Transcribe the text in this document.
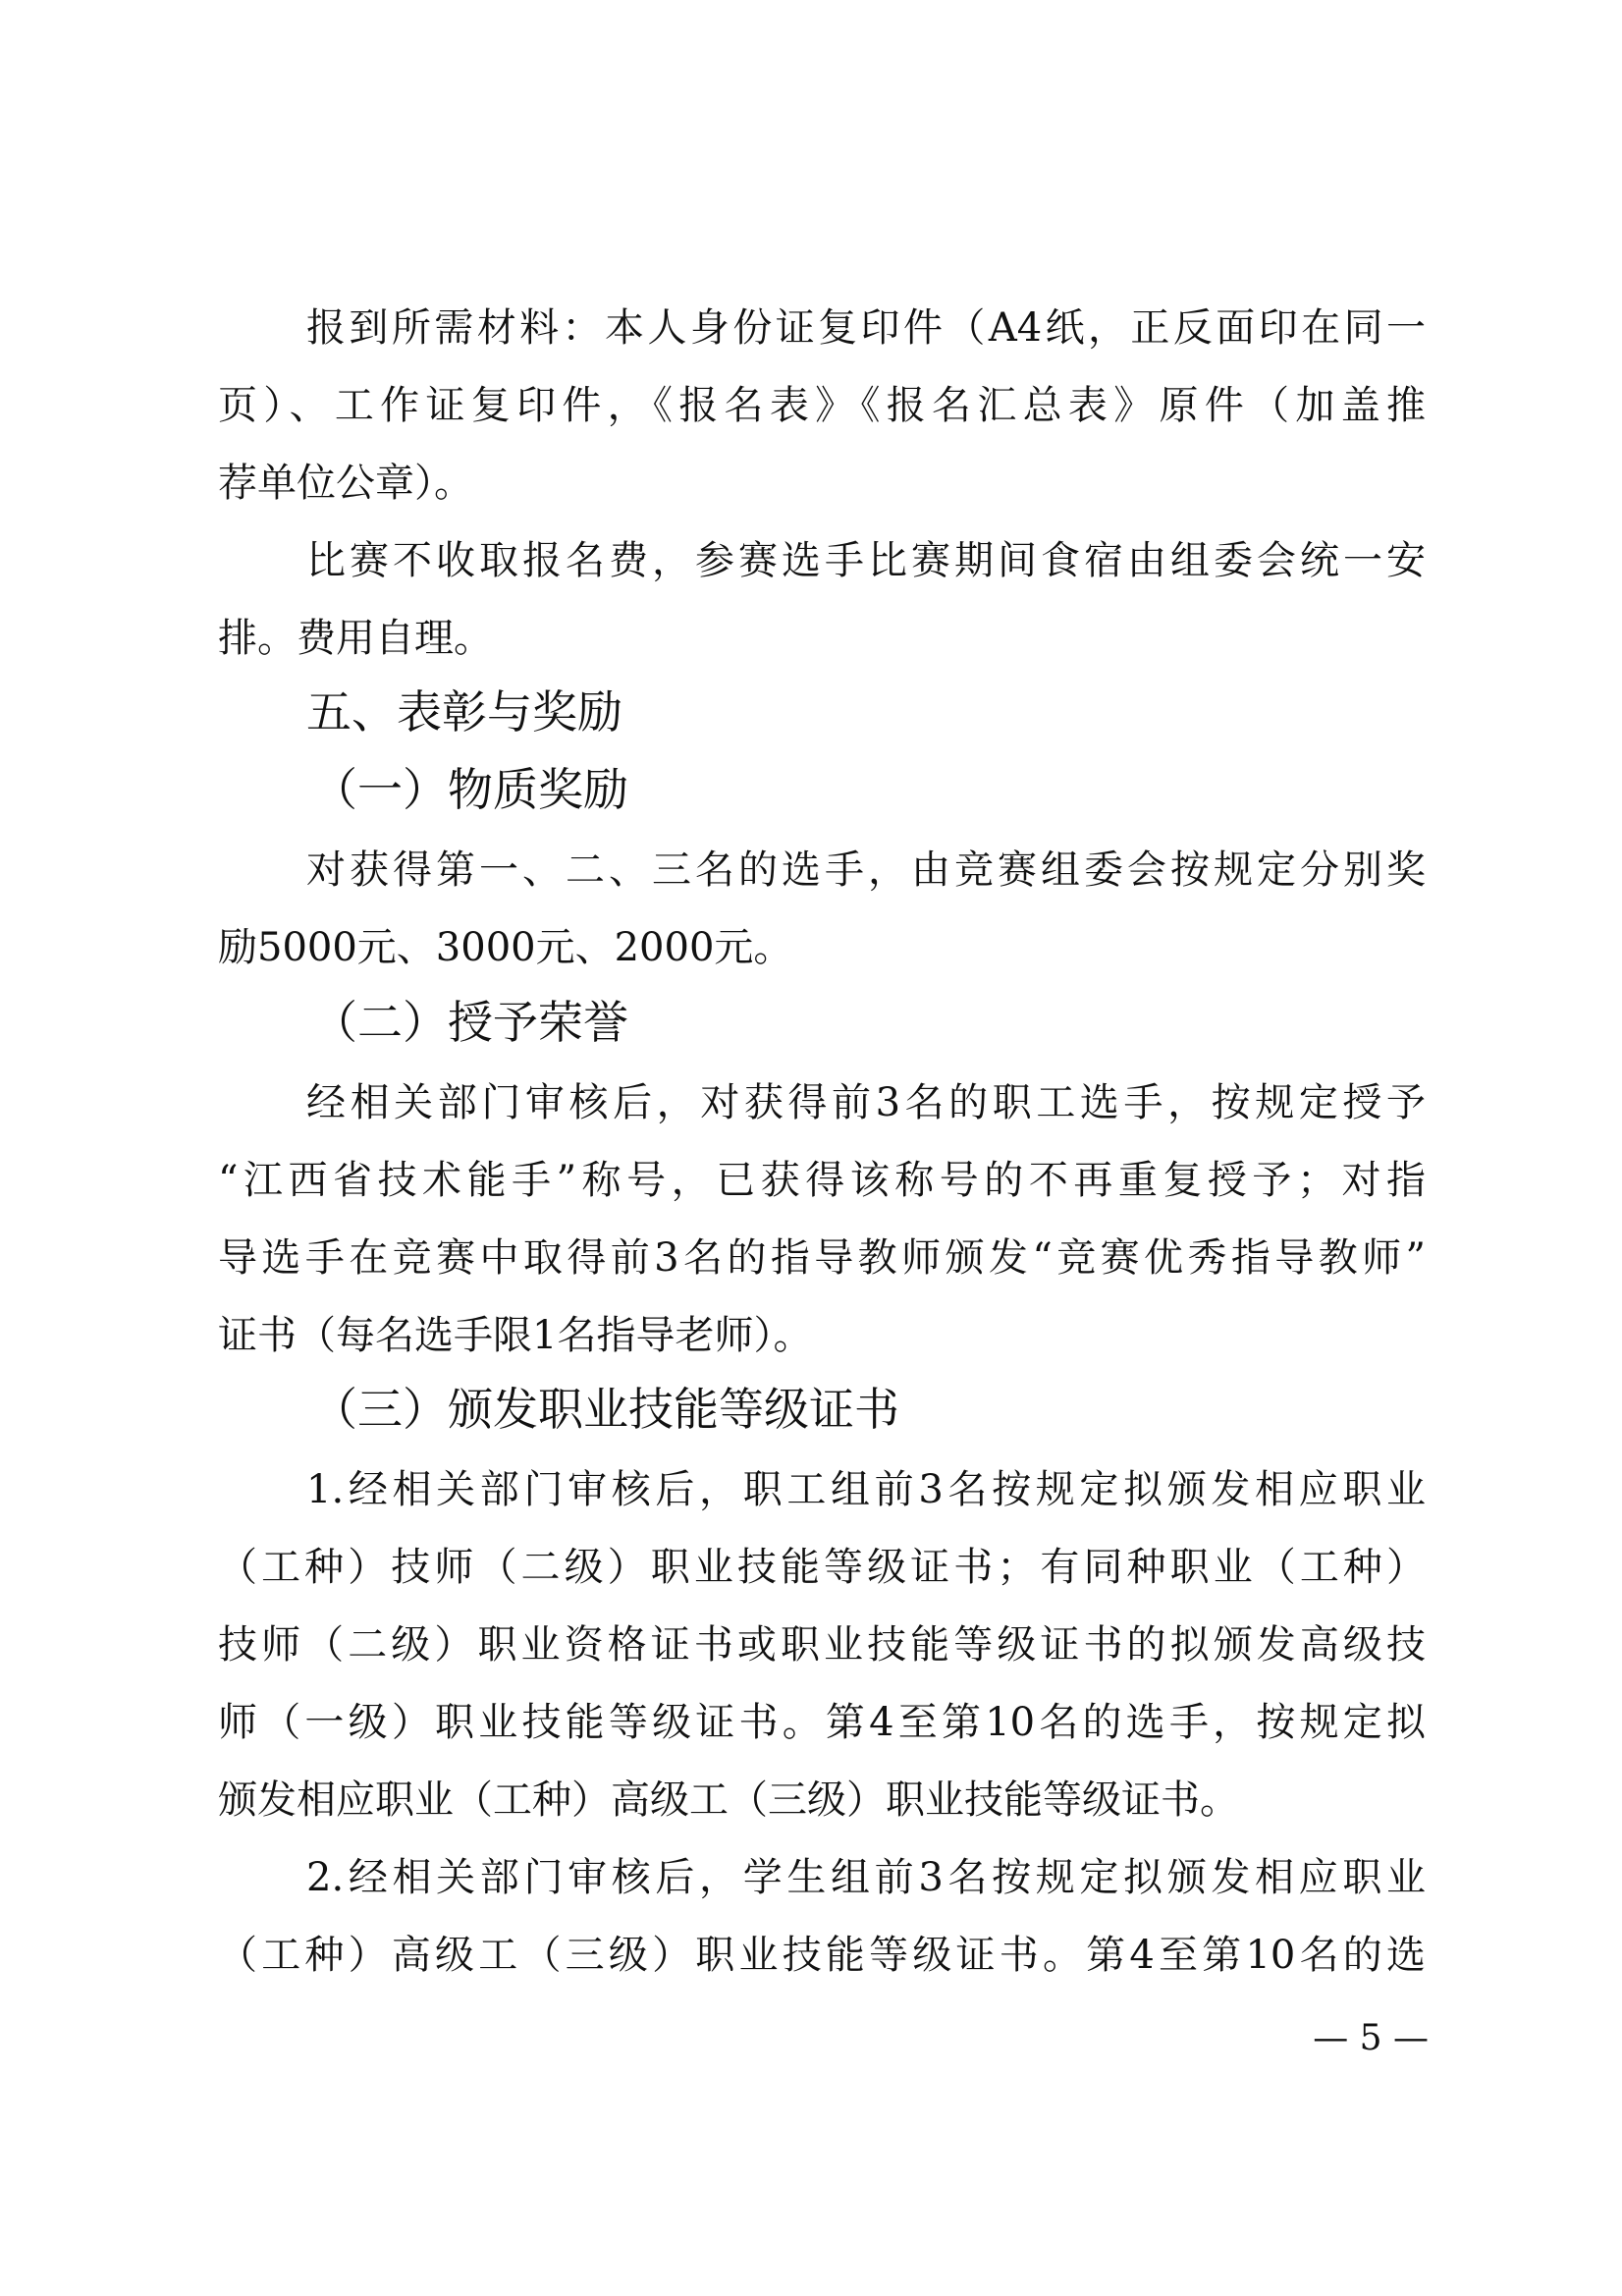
报到所需材料：本人身份证复印件（A4纸，正反面印在同一
页）、工作证复印件，《报名表》《报名汇总表》原件（加盖推
荐单位公章）。
比赛不收取报名费，参赛选手比赛期间食宿由组委会统一安
排。费用自理。
五、表彰与奖励
（一）物质奖励
对获得第一、二、三名的选手，由竞赛组委会按规定分别奖
励5000元、3000元、2000元。
（二）授予荣誉
经相关部门审核后，对获得前3名的职工选手，按规定授予
“江西省技术能手”称号，已获得该称号的不再重复授予；对指
导选手在竞赛中取得前3名的指导教师颁发“竞赛优秀指导教师”
证书（每名选手限1名指导老师）。
（三）颁发职业技能等级证书
1.经相关部门审核后，职工组前3名按规定拟颁发相应职业
（工种）技师（二级）职业技能等级证书；有同种职业（工种）
技师（二级）职业资格证书或职业技能等级证书的拟颁发高级技
师（一级）职业技能等级证书。第4至第10名的选手，按规定拟
颁发相应职业（工种）高级工（三级）职业技能等级证书。
2.经相关部门审核后，学生组前3名按规定拟颁发相应职业
（工种）高级工（三级）职业技能等级证书。第4至第10名的选
— 5 —
